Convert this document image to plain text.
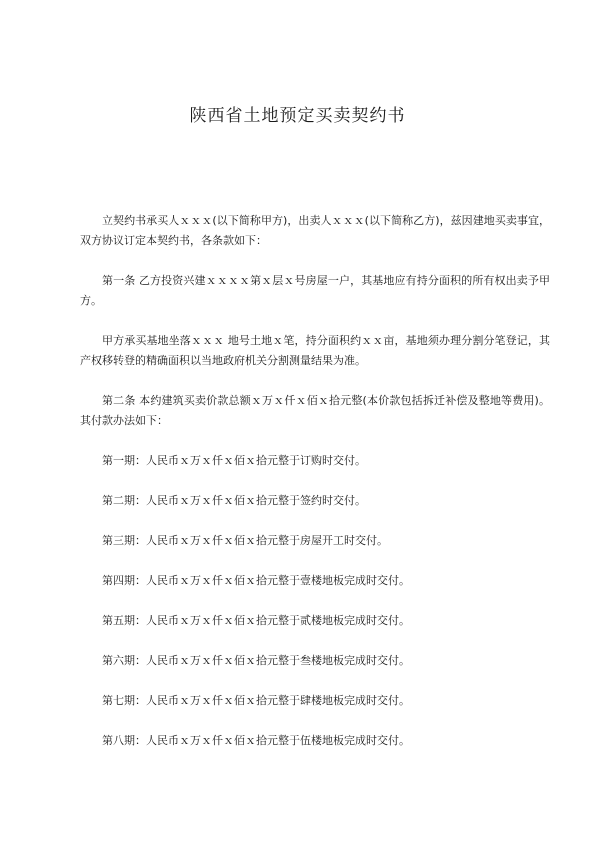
陕西省土地预定买卖契约书

立契约书承买人ｘｘｘ(以下简称甲方)，出卖人ｘｘｘ(以下简称乙方)，兹因建地买卖事宜，双方协议订定本契约书，各条款如下：

第一条 乙方投资兴建ｘｘｘｘ第ｘ层ｘ号房屋一户，其基地应有持分面积的所有权出卖予甲方。

甲方承买基地坐落ｘｘｘ 地号土地ｘ笔，持分面积约ｘｘ亩，基地须办理分割分笔登记，其产权移转登的精确面积以当地政府机关分割测量结果为准。

第二条 本约建筑买卖价款总额ｘ万ｘ仟ｘ佰ｘ拾元整(本价款包括拆迁补偿及整地等费用)。其付款办法如下：

第一期：人民币ｘ万ｘ仟ｘ佰ｘ拾元整于订购时交付。

第二期：人民币ｘ万ｘ仟ｘ佰ｘ拾元整于签约时交付。

第三期：人民币ｘ万ｘ仟ｘ佰ｘ拾元整于房屋开工时交付。

第四期：人民币ｘ万ｘ仟ｘ佰ｘ拾元整于壹楼地板完成时交付。

第五期：人民币ｘ万ｘ仟ｘ佰ｘ拾元整于贰楼地板完成时交付。

第六期：人民币ｘ万ｘ仟ｘ佰ｘ拾元整于叁楼地板完成时交付。

第七期：人民币ｘ万ｘ仟ｘ佰ｘ拾元整于肆楼地板完成时交付。

第八期：人民币ｘ万ｘ仟ｘ佰ｘ拾元整于伍楼地板完成时交付。
